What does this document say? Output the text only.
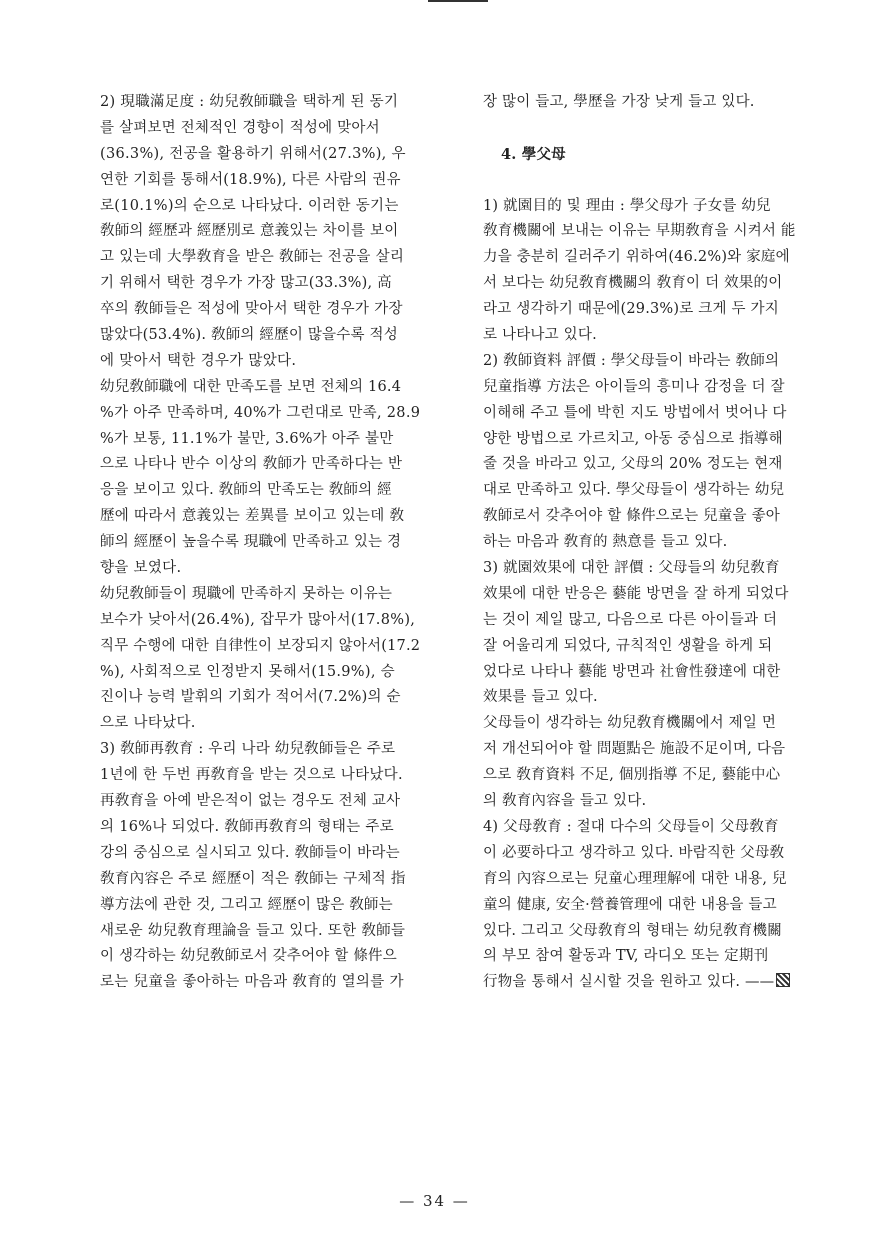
2) 現職滿足度 : 幼兒敎師職을 택하게 된 동기
를 살펴보면 전체적인 경향이 적성에 맞아서
(36.3%), 전공을 활용하기 위해서(27.3%), 우
연한 기회를 통해서(18.9%), 다른 사람의 권유
로(10.1%)의 순으로 나타났다. 이러한 동기는
敎師의 經歷과 經歷別로 意義있는 차이를 보이
고 있는데 大學敎育을 받은 敎師는 전공을 살리
기 위해서 택한 경우가 가장 많고(33.3%), 高
卒의 敎師들은 적성에 맞아서 택한 경우가 가장
많았다(53.4%). 敎師의 經歷이 많을수록 적성
에 맞아서 택한 경우가 많았다.
幼兒敎師職에 대한 만족도를 보면 전체의 16.4
%가 아주 만족하며, 40%가 그런대로 만족, 28.9
%가 보통, 11.1%가 불만, 3.6%가 아주 불만
으로 나타나 반수 이상의 敎師가 만족하다는 반
응을 보이고 있다. 敎師의 만족도는 敎師의 經
歷에 따라서 意義있는 差異를 보이고 있는데 敎
師의 經歷이 높을수록 現職에 만족하고 있는 경
향을 보였다.
幼兒敎師들이 現職에 만족하지 못하는 이유는
보수가 낮아서(26.4%), 잡무가 많아서(17.8%),
직무 수행에 대한 自律性이 보장되지 않아서(17.2
%), 사회적으로 인정받지 못해서(15.9%), 승
진이나 능력 발휘의 기회가 적어서(7.2%)의 순
으로 나타났다.
3) 敎師再敎育 : 우리 나라 幼兒敎師들은 주로
1년에 한 두번 再敎育을 받는 것으로 나타났다.
再敎育을 아예 받은적이 없는 경우도 전체 교사
의 16%나 되었다. 敎師再敎育의 형태는 주로
강의 중심으로 실시되고 있다. 敎師들이 바라는
敎育內容은 주로 經歷이 적은 敎師는 구체적 指
導方法에 관한 것, 그리고 經歷이 많은 敎師는
새로운 幼兒敎育理論을 들고 있다. 또한 敎師들
이 생각하는 幼兒敎師로서 갖추어야 할 條件으
로는 兒童을 좋아하는 마음과 敎育的 열의를 가
장 많이 들고, 學歷을 가장 낮게 들고 있다.
4. 學父母
1) 就園目的 및 理由 : 學父母가 子女를 幼兒
敎育機關에 보내는 이유는 早期敎育을 시켜서 能
力을 충분히 길러주기 위하여(46.2%)와 家庭에
서 보다는 幼兒敎育機關의 敎育이 더 效果的이
라고 생각하기 때문에(29.3%)로 크게 두 가지
로 나타나고 있다.
2) 敎師資料 評價 : 學父母들이 바라는 敎師의
兒童指導 方法은 아이들의 흥미나 감정을 더 잘
이해해 주고 틀에 박힌 지도 방법에서 벗어나 다
양한 방법으로 가르치고, 아동 중심으로 指導해
줄 것을 바라고 있고, 父母의 20% 정도는 현재
대로 만족하고 있다. 學父母들이 생각하는 幼兒
敎師로서 갖추어야 할 條件으로는 兒童을 좋아
하는 마음과 敎育的 熱意를 들고 있다.
3) 就園效果에 대한 評價 : 父母들의 幼兒敎育
效果에 대한 반응은 藝能 방면을 잘 하게 되었다
는 것이 제일 많고, 다음으로 다른 아이들과 더
잘 어울리게 되었다, 규칙적인 생활을 하게 되
었다로 나타나 藝能 방면과 社會性發達에 대한
效果를 들고 있다.
父母들이 생각하는 幼兒敎育機關에서 제일 먼
저 개선되어야 할 問題點은 施設不足이며, 다음
으로 敎育資料 不足, 個別指導 不足, 藝能中心
의 敎育內容을 들고 있다.
4) 父母敎育 : 절대 다수의 父母들이 父母敎育
이 必要하다고 생각하고 있다. 바람직한 父母敎
育의 內容으로는 兒童心理理解에 대한 내용, 兒
童의 健康, 安全·營養管理에 대한 내용을 들고
있다. 그리고 父母敎育의 형태는 幼兒敎育機關
의 부모 참여 활동과 TV, 라디오 또는 定期刊
行物을 통해서 실시할 것을 원하고 있다. ——
— 34 —
